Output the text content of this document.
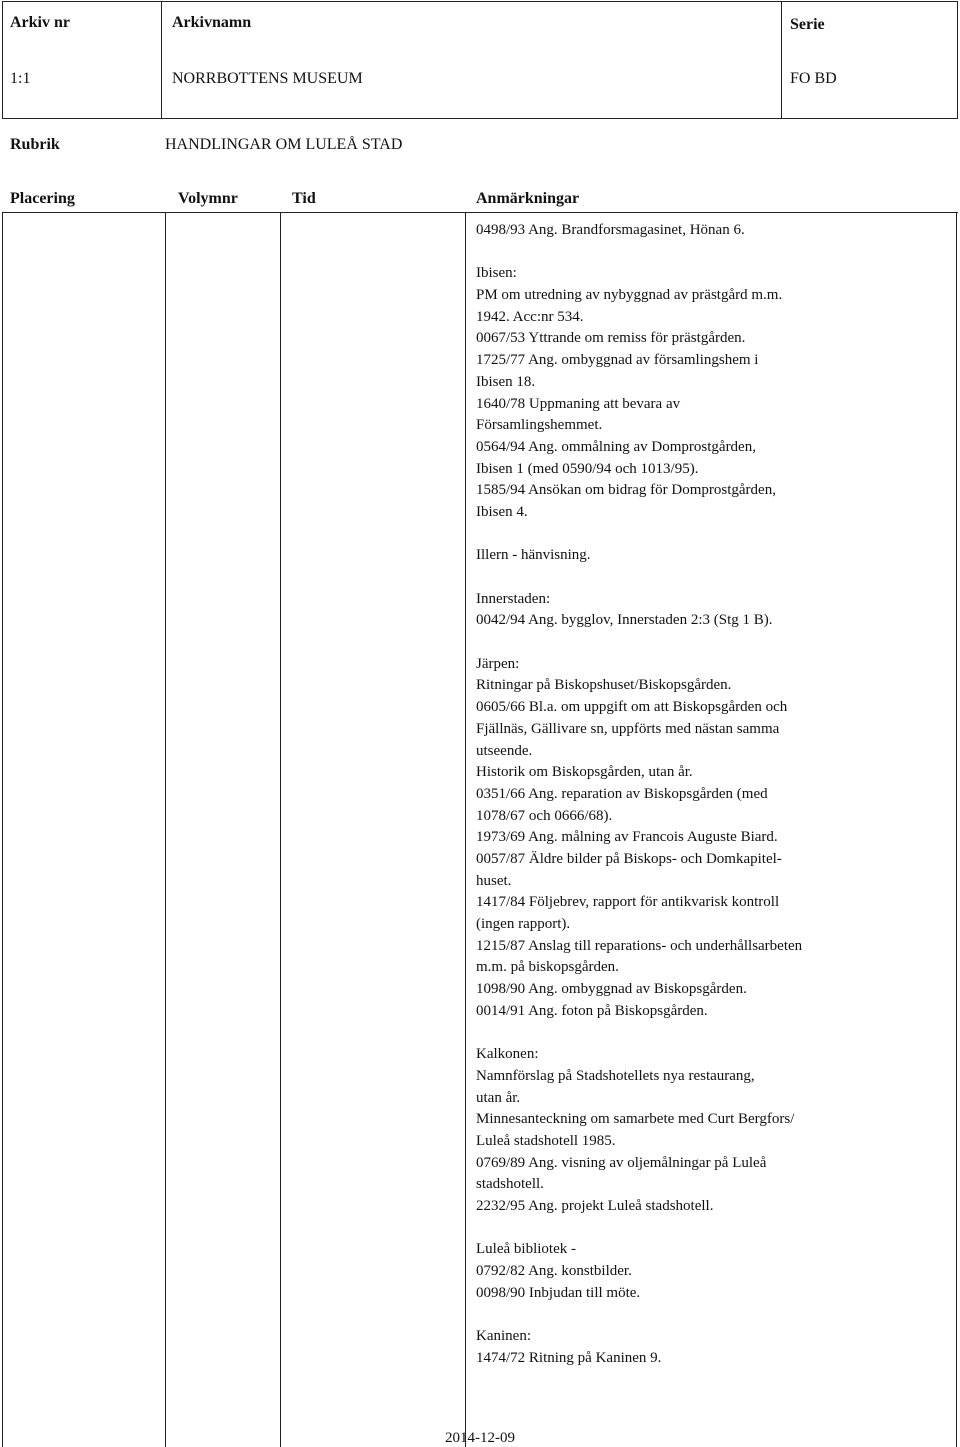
Arkiv nr	Arkivnamn	Serie
1:1	NORRBOTTENS MUSEUM	FO BD
Rubrik	HANDLINGAR OM LULEÅ STAD
Placering	Volymnr	Tid	Anmärkningar
0498/93 Ang. Brandforsmagasinet, Hönan 6.
Ibisen:
PM om utredning av nybyggnad av prästgård m.m.
1942. Acc:nr 534.
0067/53 Yttrande om remiss för prästgården.
1725/77 Ang. ombyggnad av församlingshem i
Ibisen 18.
1640/78 Uppmaning att bevara av
Församlingshemmet.
0564/94 Ang. ommålning av Domprostgården,
Ibisen 1 (med 0590/94 och 1013/95).
1585/94 Ansökan om bidrag för Domprostgården,
Ibisen 4.
Illern - hänvisning.
Innerstaden:
0042/94 Ang. bygglov, Innerstaden 2:3 (Stg 1 B).
Järpen:
Ritningar på Biskopshuset/Biskopsgården.
0605/66 Bl.a. om uppgift om att Biskopsgården och
Fjällnäs, Gällivare sn, uppförts med nästan samma
utseende.
Historik om Biskopsgården, utan år.
0351/66 Ang. reparation av Biskopsgården (med
1078/67 och 0666/68).
1973/69 Ang. målning av Francois Auguste Biard.
0057/87 Äldre bilder på Biskops- och Domkapitel-
huset.
1417/84 Följebrev, rapport för antikvarisk kontroll
(ingen rapport).
1215/87 Anslag till reparations- och underhållsarbeten
m.m. på biskopsgården.
1098/90 Ang. ombyggnad av Biskopsgården.
0014/91 Ang. foton på Biskopsgården.
Kalkonen:
Namnförslag på Stadshotellets nya restaurang,
utan år.
Minnesanteckning om samarbete med Curt Bergfors/
Luleå stadshotell 1985.
0769/89 Ang. visning av oljemålningar på Luleå
stadshotell.
2232/95 Ang. projekt Luleå stadshotell.
Luleå bibliotek -
0792/82 Ang. konstbilder.
0098/90 Inbjudan till möte.
Kaninen:
1474/72 Ritning på Kaninen 9.
2014-12-09
